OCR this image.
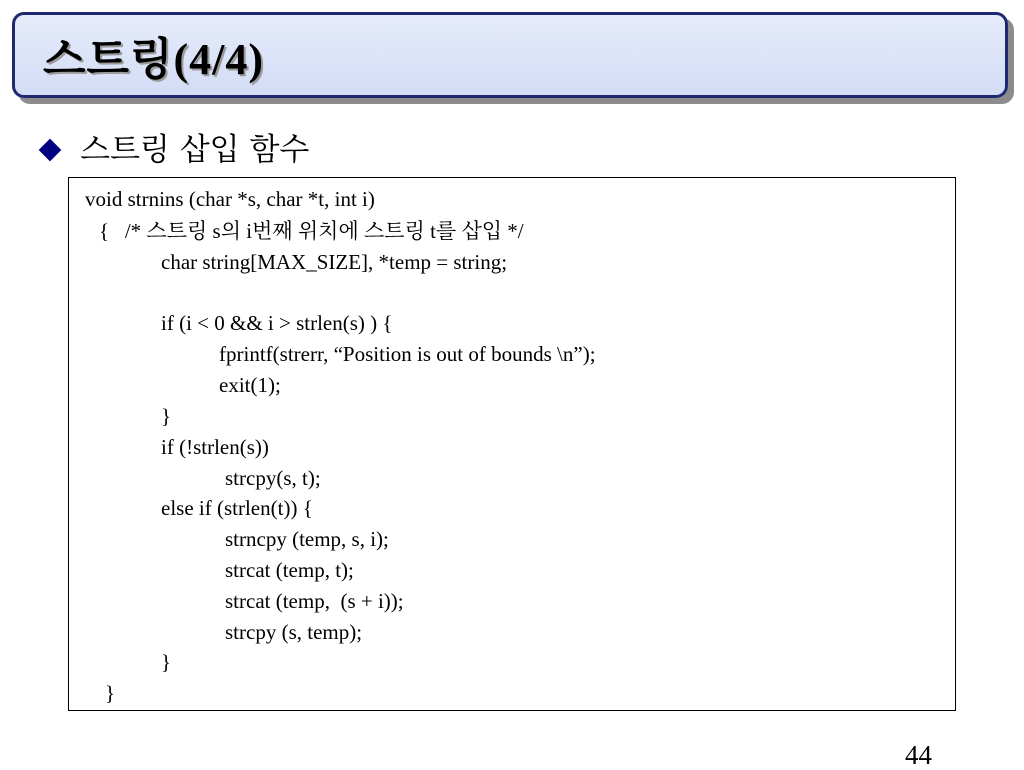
스트링(4/4)
스트링 삽입 함수
void strnins (char *s, char *t, int i)
{   /* 스트링 s의 i번째 위치에 스트링 t를 삽입 */
char string[MAX_SIZE], *temp = string;
if (i < 0 && i > strlen(s) ) {
fprintf(strerr, “Position is out of bounds \n”);
exit(1);
}
if (!strlen(s))
strcpy(s, t);
else if (strlen(t)) {
strncpy (temp, s, i);
strcat (temp, t);
strcat (temp,  (s + i));
strcpy (s, temp);
}
}
44
